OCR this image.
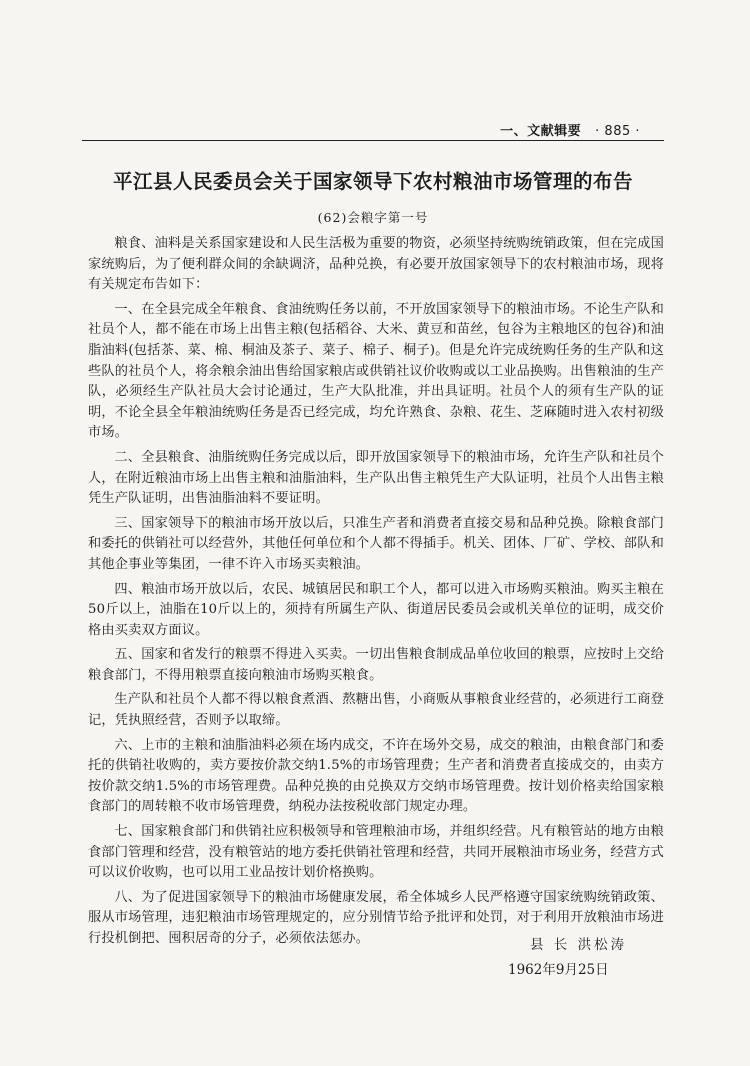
一、文献辑要 · 885 ·
平江县人民委员会关于国家领导下农村粮油市场管理的布告
(62)会粮字第一号

粮食、油料是关系国家建设和人民生活极为重要的物资，必须坚持统购统销政策，但在完成国家统购后，为了便利群众间的余缺调济，品种兑换，有必要开放国家领导下的农村粮油市场，现将有关规定布告如下：

一、在全县完成全年粮食、食油统购任务以前，不开放国家领导下的粮油市场。不论生产队和社员个人，都不能在市场上出售主粮(包括稻谷、大米、黄豆和苗丝，包谷为主粮地区的包谷)和油脂油料(包括茶、菜、棉、桐油及茶子、菜子、棉子、桐子)。但是允许完成统购任务的生产队和这些队的社员个人，将余粮余油出售给国家粮店或供销社议价收购或以工业品换购。出售粮油的生产队，必须经生产队社员大会讨论通过，生产大队批准，并出具证明。社员个人的须有生产队的证明，不论全县全年粮油统购任务是否已经完成，均允许熟食、杂粮、花生、芝麻随时进入农村初级市场。

二、全县粮食、油脂统购任务完成以后，即开放国家领导下的粮油市场，允许生产队和社员个人，在附近粮油市场上出售主粮和油脂油料，生产队出售主粮凭生产大队证明，社员个人出售主粮凭生产队证明，出售油脂油料不要证明。

三、国家领导下的粮油市场开放以后，只准生产者和消费者直接交易和品种兑换。除粮食部门和委托的供销社可以经营外，其他任何单位和个人都不得插手。机关、团体、厂矿、学校、部队和其他企事业等集团，一律不许入市场买卖粮油。

四、粮油市场开放以后，农民、城镇居民和职工个人，都可以进入市场购买粮油。购买主粮在50斤以上，油脂在10斤以上的，须持有所属生产队、街道居民委员会或机关单位的证明，成交价格由买卖双方面议。

五、国家和省发行的粮票不得进入买卖。一切出售粮食制成品单位收回的粮票，应按时上交给粮食部门，不得用粮票直接向粮油市场购买粮食。

生产队和社员个人都不得以粮食煮酒、熬糖出售，小商贩从事粮食业经营的，必须进行工商登记，凭执照经营，否则予以取缔。

六、上市的主粮和油脂油料必须在场内成交，不许在场外交易，成交的粮油，由粮食部门和委托的供销社收购的，卖方要按价款交纳1.5%的市场管理费；生产者和消费者直接成交的，由卖方按价款交纳1.5%的市场管理费。品种兑换的由兑换双方交纳市场管理费。按计划价格卖给国家粮食部门的周转粮不收市场管理费，纳税办法按税收部门规定办理。

七、国家粮食部门和供销社应积极领导和管理粮油市场，并组织经营。凡有粮管站的地方由粮食部门管理和经营，没有粮管站的地方委托供销社管理和经营，共同开展粮油市场业务，经营方式可以议价收购，也可以用工业品按计划价格换购。

八、为了促进国家领导下的粮油市场健康发展，希全体城乡人民严格遵守国家统购统销政策、服从市场管理，违犯粮油市场管理规定的，应分别情节给予批评和处罚，对于利用开放粮油市场进行投机倒把、囤积居奇的分子，必须依法惩办。	县 长 洪松涛
1962年9月25日
